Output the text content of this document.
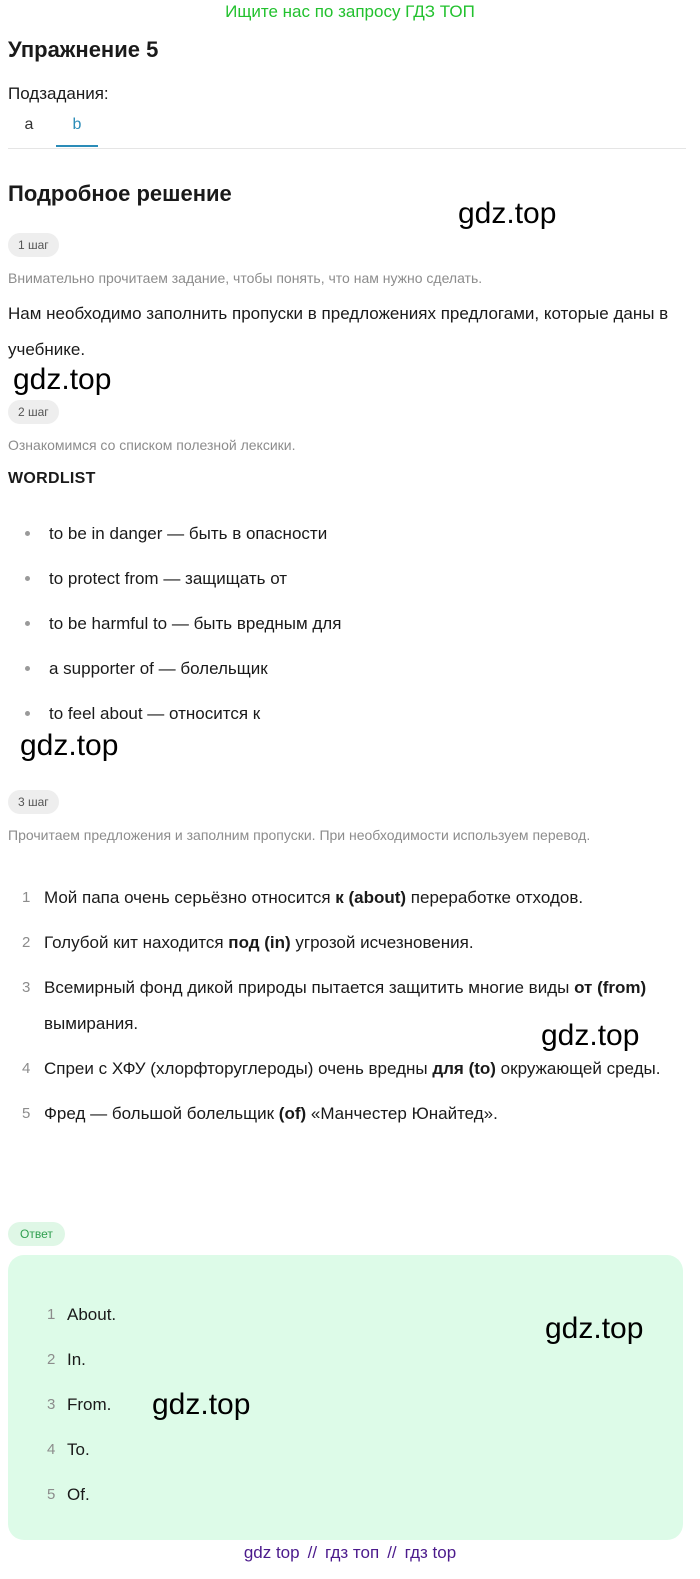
Ищите нас по запросу ГДЗ ТОП
Упражнение 5
Подзадания:
a	b
Подробное решение
gdz.top
1 шаг
Внимательно прочитаем задание, чтобы понять, что нам нужно сделать.
Нам необходимо заполнить пропуски в предложениях предлогами, которые даны в учебнике.
gdz.top
2 шаг
Ознакомимся со списком полезной лексики.
WORDLIST
to be in danger — быть в опасности
to protect from — защищать от
to be harmful to — быть вредным для
a supporter of — болельщик
to feel about — относится к
gdz.top
3 шаг
Прочитаем предложения и заполним пропуски. При необходимости используем перевод.
1 Мой папа очень серьёзно относится к (about) переработке отходов.
2 Голубой кит находится под (in) угрозой исчезновения.
3 Всемирный фонд дикой природы пытается защитить многие виды от (from) вымирания.
4 Спреи с ХФУ (хлорфторуглероды) очень вредны для (to) окружающей среды.
5 Фред — большой болельщик (of) «Манчестер Юнайтед».
gdz.top
Ответ
1 About.
2 In.
3 From.
4 To.
5 Of.
gdz.top
gdz.top
gdz top // гдз топ // гдз top
